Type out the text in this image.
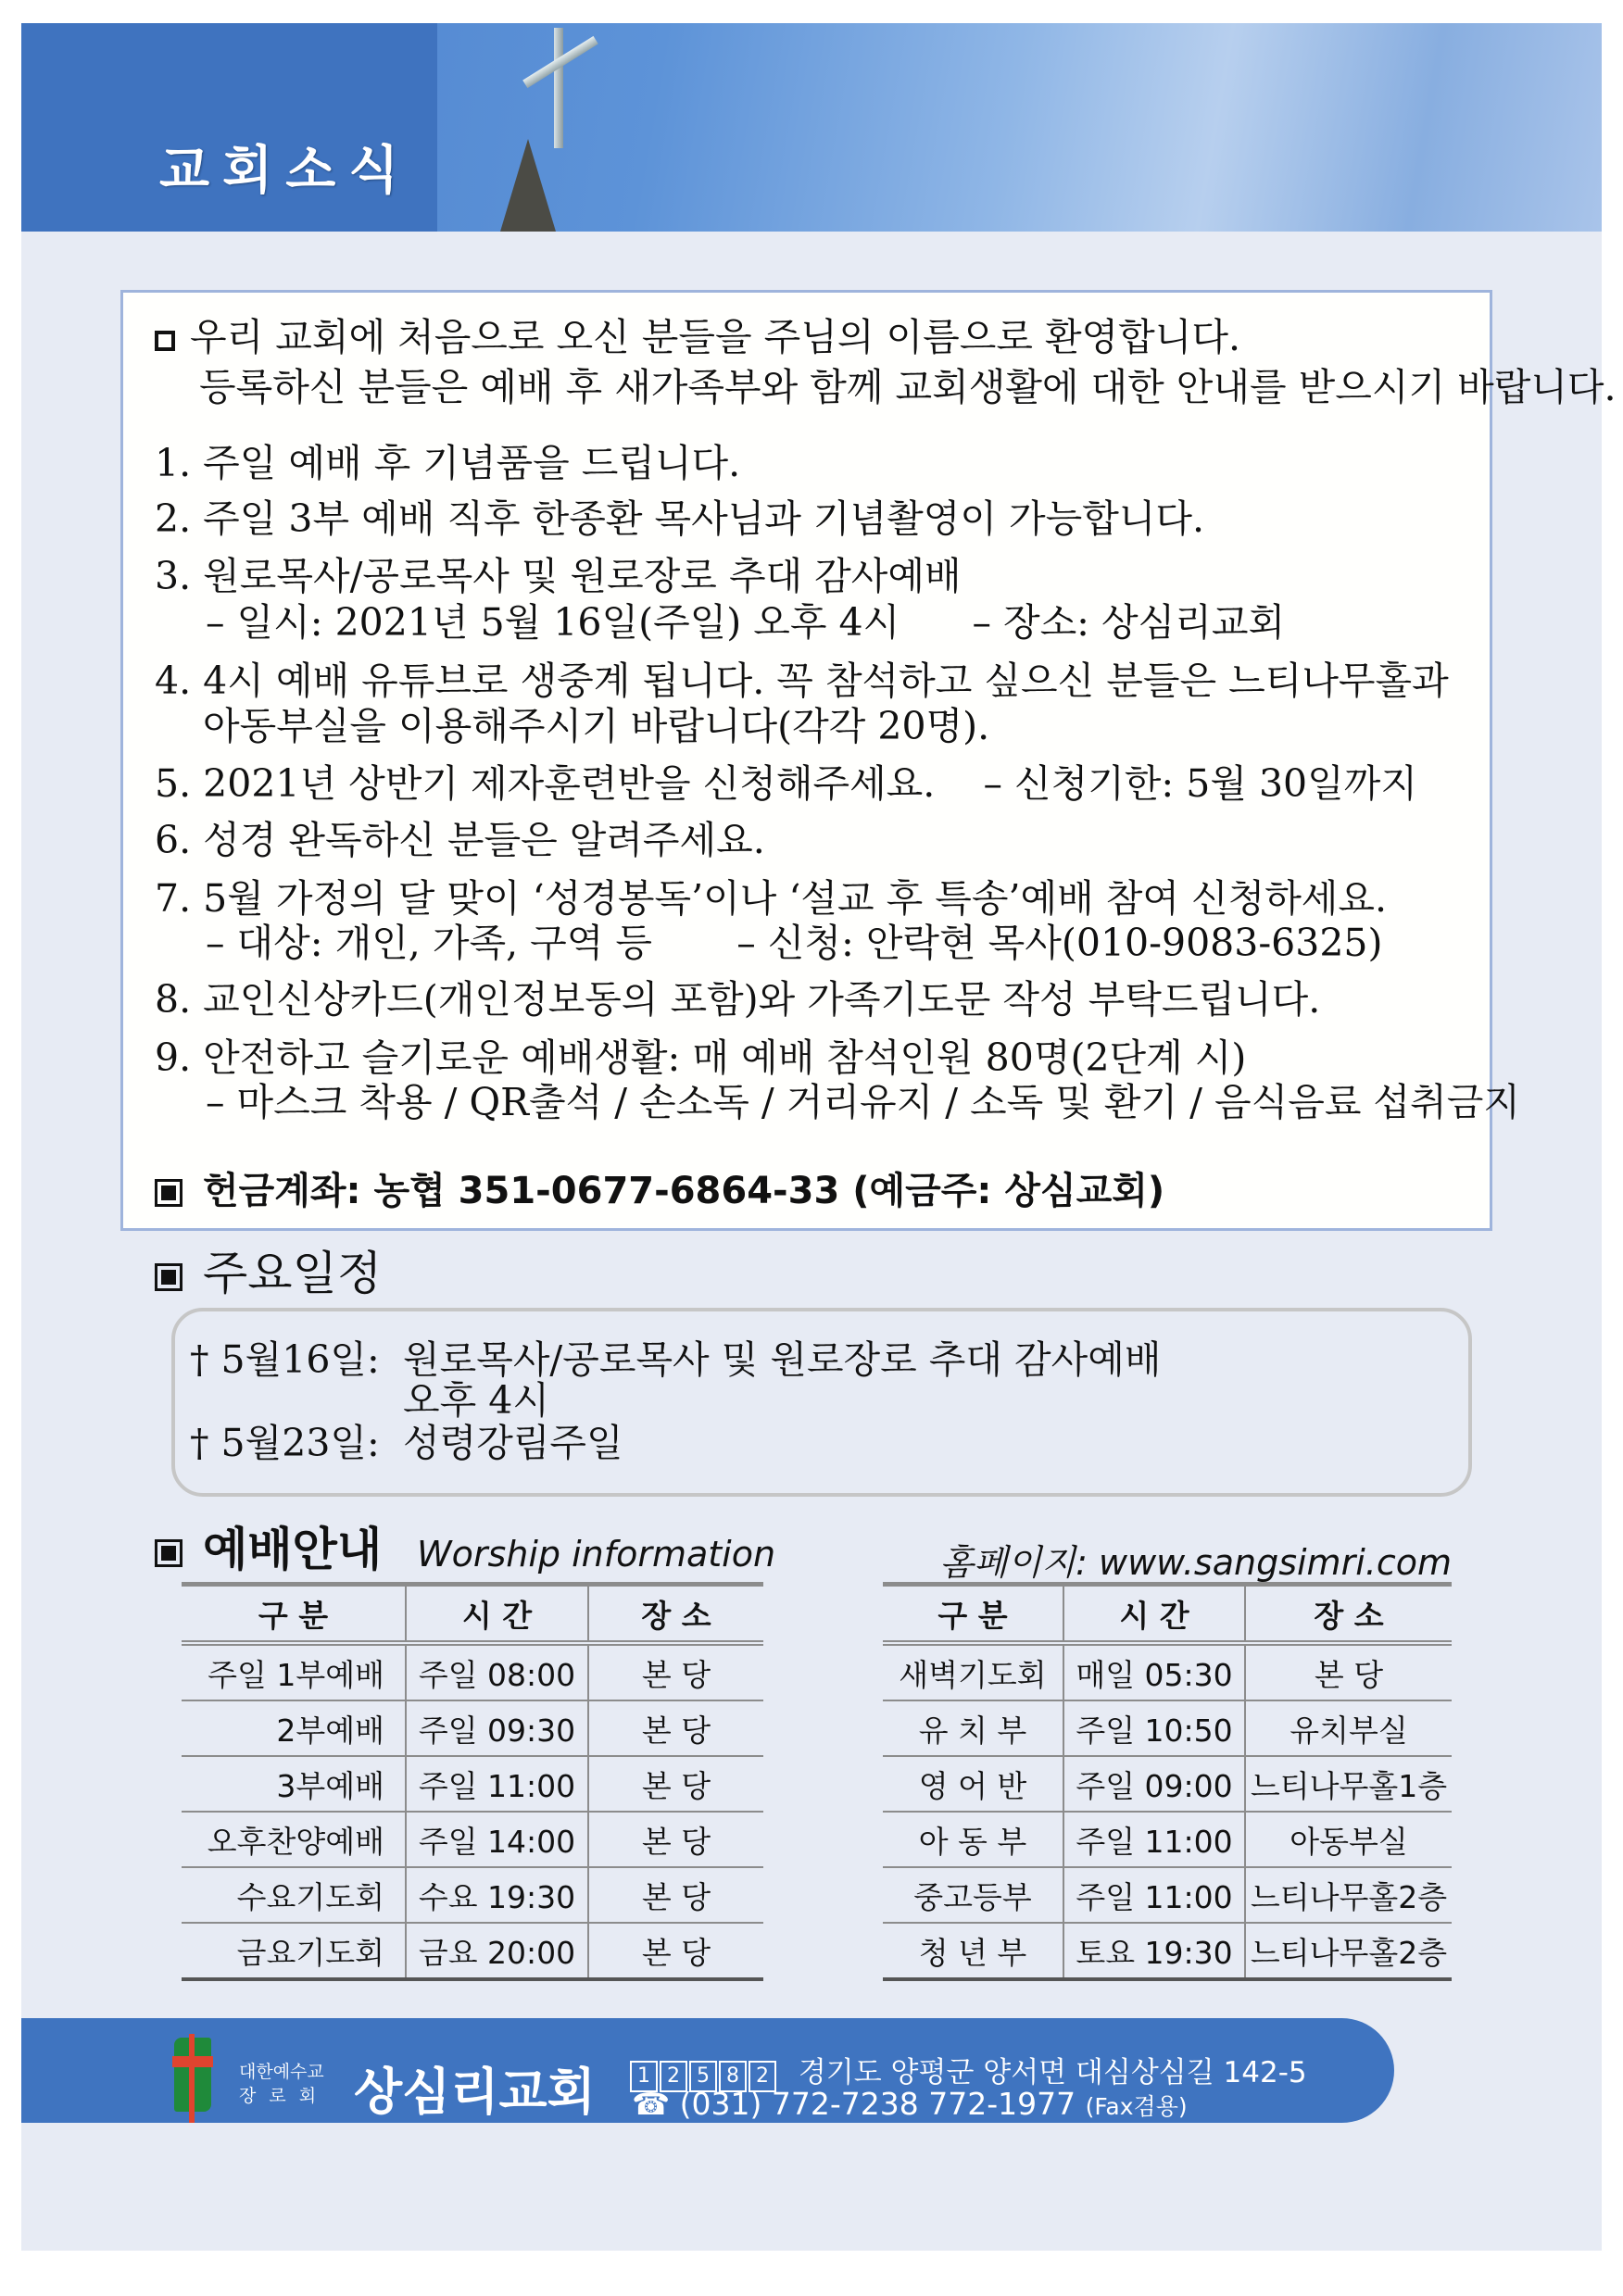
교회소식
우리 교회에 처음으로 오신 분들을 주님의 이름으로 환영합니다.
등록하신 분들은 예배 후 새가족부와 함께 교회생활에 대한 안내를 받으시기 바랍니다.
1. 주일 예배 후 기념품을 드립니다.
2. 주일 3부 예배 직후 한종환 목사님과 기념촬영이 가능합니다.
3. 원로목사/공로목사 및 원로장로 추대 감사예배
– 일시: 2021년 5월 16일(주일) 오후 4시      – 장소: 상심리교회
4. 4시 예배 유튜브로 생중계 됩니다. 꼭 참석하고 싶으신 분들은 느티나무홀과
아동부실을 이용해주시기 바랍니다(각각 20명).
5. 2021년 상반기 제자훈련반을 신청해주세요.    – 신청기한: 5월 30일까지
6. 성경 완독하신 분들은 알려주세요.
7. 5월 가정의 달 맞이 ‘성경봉독’이나 ‘설교 후 특송’예배 참여 신청하세요.
– 대상: 개인, 가족, 구역 등       – 신청: 안락현 목사(010-9083-6325)
8. 교인신상카드(개인정보동의 포함)와 가족기도문 작성 부탁드립니다.
9. 안전하고 슬기로운 예배생활: 매 예배 참석인원 80명(2단계 시)
– 마스크 착용 / QR출석 / 손소독 / 거리유지 / 소독 및 환기 / 음식음료 섭취금지
헌금계좌: 농협 351-0677-6864-33 (예금주: 상심교회)
주요일정
† 5월16일: 원로목사/공로목사 및 원로장로 추대 감사예배
오후 4시
† 5월23일: 성령강림주일
예배안내 Worship information	홈페이지: www.sangsimri.com
구 분	시 간	장 소
주일 1부예배	주일 08:00	본 당
2부예배	주일 09:30	본 당
3부예배	주일 11:00	본 당
오후찬양예배	주일 14:00	본 당
수요기도회	수요 19:30	본 당
금요기도회	금요 20:00	본 당
구 분	시 간	장 소
새벽기도회	매일 05:30	본 당
유 치 부	주일 10:50	유치부실
영 어 반	주일 09:00	느티나무홀1층
아 동 부	주일 11:00	아동부실
중고등부	주일 11:00	느티나무홀2층
청 년 부	토요 19:30	느티나무홀2층
대한예수교
장 로 회 상심리교회	1 2 5 8 2 경기도 양평군 양서면 대심상심길 142-5
☎ (031) 772-7238 772-1977 (Fax겸용)
